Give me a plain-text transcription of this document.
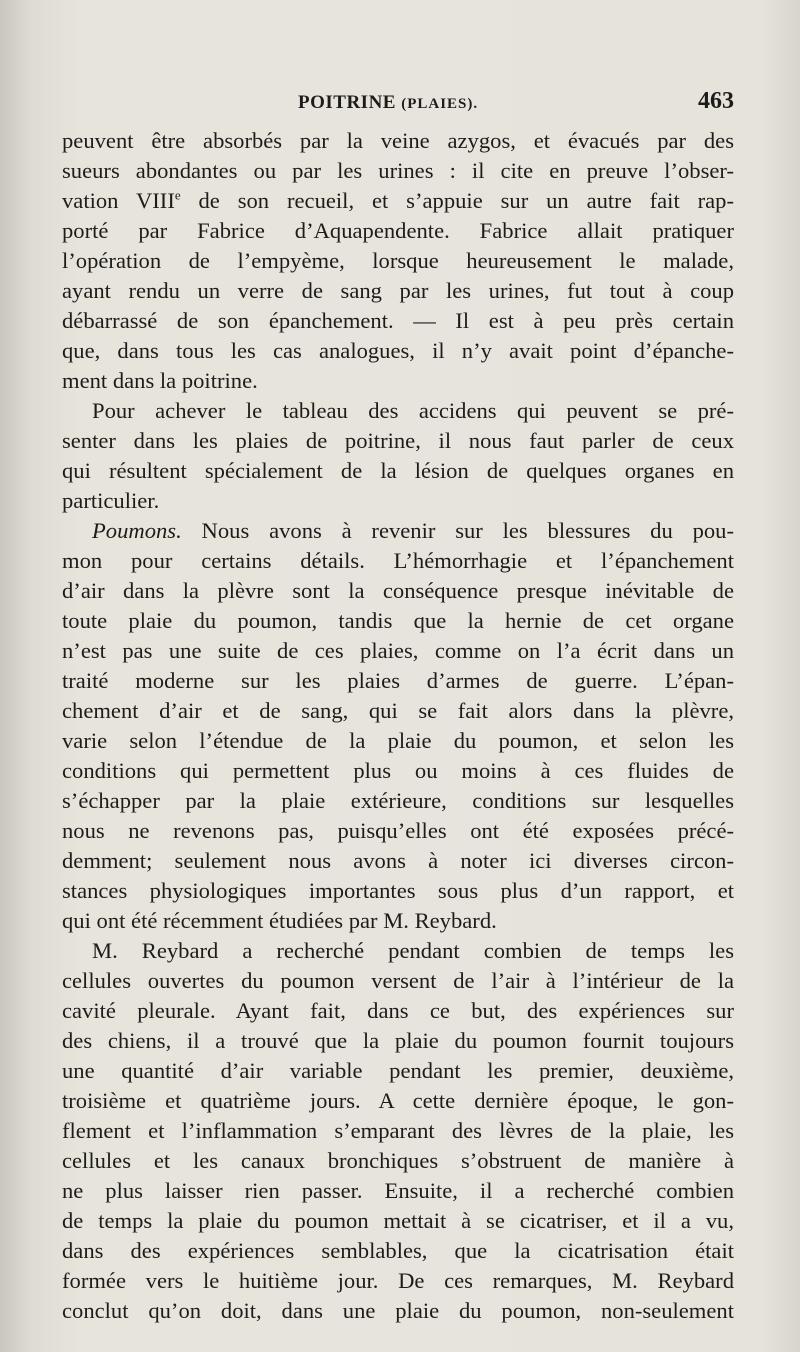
POITRINE (PLAIES).	463
peuvent être absorbés par la veine azygos, et évacués par des
sueurs abondantes ou par les urines : il cite en preuve l’obser-
vation VIIIe de son recueil, et s’appuie sur un autre fait rap-
porté par Fabrice d’Aquapendente. Fabrice allait pratiquer
l’opération de l’empyème, lorsque heureusement le malade,
ayant rendu un verre de sang par les urines, fut tout à coup
débarrassé de son épanchement. — Il est à peu près certain
que, dans tous les cas analogues, il n’y avait point d’épanche-
ment dans la poitrine.
Pour achever le tableau des accidens qui peuvent se pré-
senter dans les plaies de poitrine, il nous faut parler de ceux
qui résultent spécialement de la lésion de quelques organes en
particulier.
Poumons. Nous avons à revenir sur les blessures du pou-
mon pour certains détails. L’hémorrhagie et l’épanchement
d’air dans la plèvre sont la conséquence presque inévitable de
toute plaie du poumon, tandis que la hernie de cet organe
n’est pas une suite de ces plaies, comme on l’a écrit dans un
traité moderne sur les plaies d’armes de guerre. L’épan-
chement d’air et de sang, qui se fait alors dans la plèvre,
varie selon l’étendue de la plaie du poumon, et selon les
conditions qui permettent plus ou moins à ces fluides de
s’échapper par la plaie extérieure, conditions sur lesquelles
nous ne revenons pas, puisqu’elles ont été exposées précé-
demment; seulement nous avons à noter ici diverses circon-
stances physiologiques importantes sous plus d’un rapport, et
qui ont été récemment étudiées par M. Reybard.
M. Reybard a recherché pendant combien de temps les
cellules ouvertes du poumon versent de l’air à l’intérieur de la
cavité pleurale. Ayant fait, dans ce but, des expériences sur
des chiens, il a trouvé que la plaie du poumon fournit toujours
une quantité d’air variable pendant les premier, deuxième,
troisième et quatrième jours. A cette dernière époque, le gon-
flement et l’inflammation s’emparant des lèvres de la plaie, les
cellules et les canaux bronchiques s’obstruent de manière à
ne plus laisser rien passer. Ensuite, il a recherché combien
de temps la plaie du poumon mettait à se cicatriser, et il a vu,
dans des expériences semblables, que la cicatrisation était
formée vers le huitième jour. De ces remarques, M. Reybard
conclut qu’on doit, dans une plaie du poumon, non-seulement
